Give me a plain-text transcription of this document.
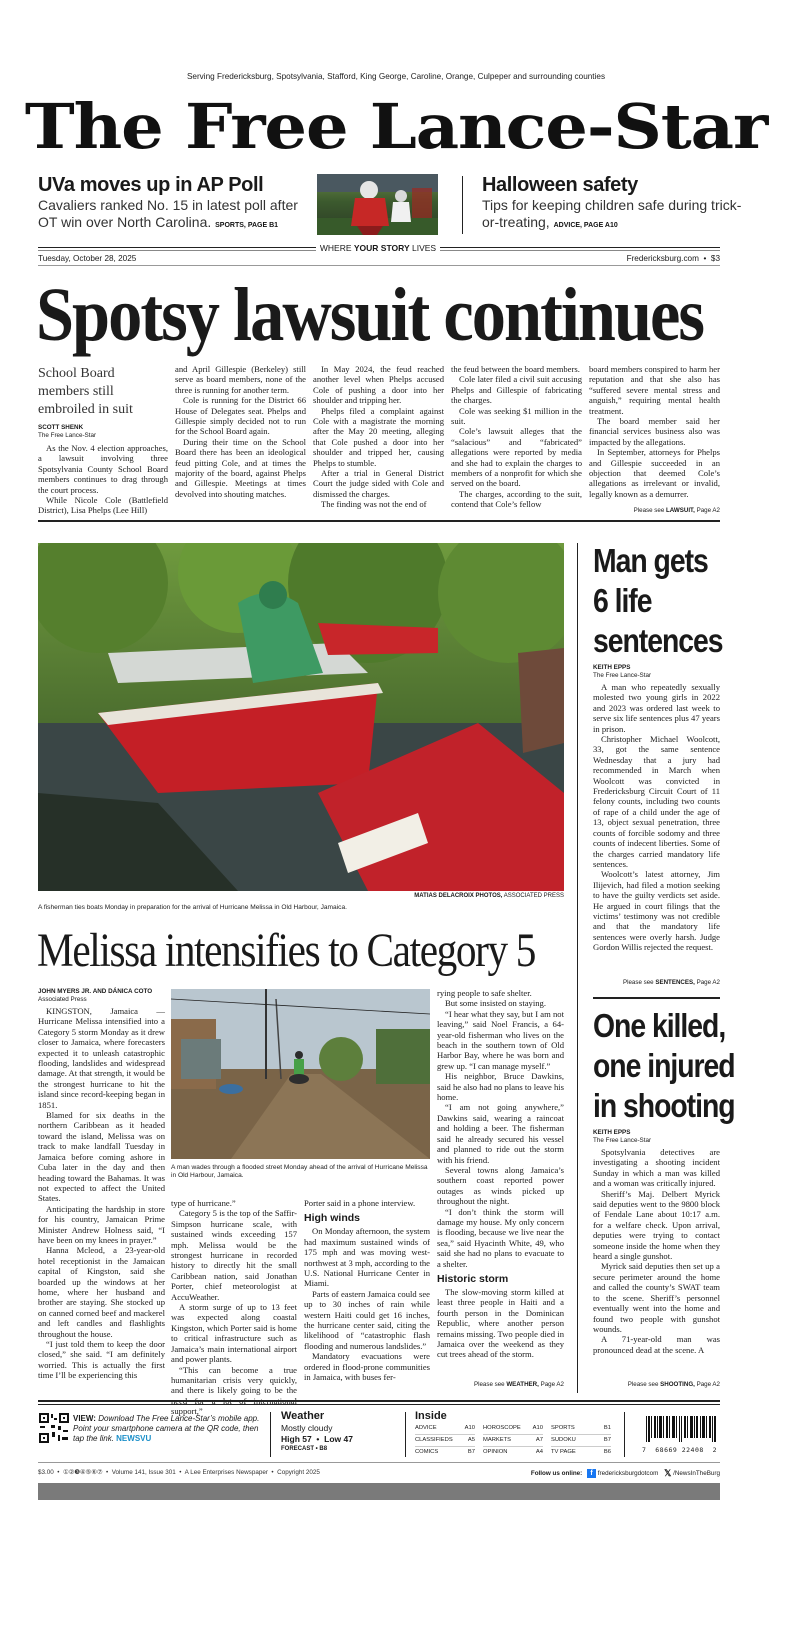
Serving Fredericksburg, Spotsylvania, Stafford, King George, Caroline, Orange, Culpeper and surrounding counties
The Free Lance-Star
UVa moves up in AP Poll
Cavaliers ranked No. 15 in latest poll after OT win over North Carolina. SPORTS, PAGE B1
Halloween safety
Tips for keeping children safe during trick-or-treating, ADVICE, PAGE A10
WHERE YOUR STORY LIVES
Tuesday, October 28, 2025	Fredericksburg.com  •  $3
Spotsy lawsuit continues
School Board members still embroiled in suit
SCOTT SHENK
The Free Lance-Star

As the Nov. 4 election approaches, a lawsuit involving three Spotsylvania County School Board members continues to drag through the court process.

While Nicole Cole (Battlefield District), Lisa Phelps (Lee Hill)

and April Gillespie (Berkeley) still serve as board members, none of the three is running for another term.

Cole is running for the District 66 House of Delegates seat. Phelps and Gillespie simply decided not to run for the School Board again.

During their time on the School Board there has been an ideological feud pitting Cole, and at times the majority of the board, against Phelps and Gillespie. Meetings at times devolved into shouting matches.

In May 2024, the feud reached another level when Phelps accused Cole of pushing a door into her shoulder and tripping her.

Phelps filed a complaint against Cole with a magistrate the morning after the May 20 meeting, alleging that Cole pushed a door into her shoulder and tripped her, causing Phelps to stumble.

After a trial in General District Court the judge sided with Cole and dismissed the charges.

The finding was not the end of

the feud between the board members.

Cole later filed a civil suit accusing Phelps and Gillespie of fabricating the charges.

Cole was seeking $1 million in the suit.

Cole’s lawsuit alleges that the “salacious” and “fabricated” allegations were reported by media and she had to explain the charges to members of a nonprofit for which she served on the board.

The charges, according to the suit, contend that Cole’s fellow

board members conspired to harm her reputation and that she also has “suffered severe mental stress and anguish,” requiring mental health treatment.

The board member said her financial services business also was impacted by the allegations.

In September, attorneys for Phelps and Gillespie succeeded in an objection that deemed Cole’s allegations as irrelevant or invalid, legally known as a demurrer.

Please see LAWSUIT, Page A2
MATIAS DELACROIX PHOTOS, ASSOCIATED PRESS
A fisherman ties boats Monday in preparation for the arrival of Hurricane Melissa in Old Harbour, Jamaica.
Melissa intensifies to Category 5
JOHN MYERS JR. AND DÁNICA COTO
Associated Press

KINGSTON, Jamaica — Hurricane Melissa intensified into a Category 5 storm Monday as it drew closer to Jamaica, where forecasters expected it to unleash catastrophic flooding, landslides and widespread damage. At that strength, it would be the strongest hurricane to hit the island since record-keeping began in 1851.

Blamed for six deaths in the northern Caribbean as it headed toward the island, Melissa was on track to make landfall Tuesday in Jamaica before coming ashore in Cuba later in the day and then heading toward the Bahamas. It was not expected to affect the United States.

Anticipating the hardship in store for his country, Jamaican Prime Minister Andrew Holness said, “I have been on my knees in prayer.”

Hanna Mcleod, a 23-year-old hotel receptionist in the Jamaican capital of Kingston, said she boarded up the windows at her home, where her husband and brother are staying. She stocked up on canned corned beef and mackerel and left candles and flashlights throughout the house.

“I just told them to keep the door closed,” she said. “I am definitely worried. This is actually the first time I’ll be experiencing this

A man wades through a flooded street Monday ahead of the arrival of Hurricane Melissa in Old Harbour, Jamaica.

type of hurricane.”

Category 5 is the top of the Saffir-Simpson hurricane scale, with sustained winds exceeding 157 mph. Melissa would be the strongest hurricane in recorded history to directly hit the small Caribbean nation, said Jonathan Porter, chief meteorologist at AccuWeather.

A storm surge of up to 13 feet was expected along coastal Kingston, which Porter said is home to critical infrastructure such as Jamaica’s main international airport and power plants.

“This can become a true humanitarian crisis very quickly, and there is likely going to be the support,”

Porter said in a phone interview.

High winds

On Monday afternoon, the system had maximum sustained winds of 175 mph and was moving west-northwest at 3 mph, according to the U.S. National Hurricane Center in Miami.

Parts of eastern Jamaica could see up to 30 inches of rain while western Haiti could get 16 inches, the hurricane center said, citing the likelihood of “catastrophic flash flooding and numerous landslides.”

Mandatory evacuations were ordered in flood-prone communities in Jamaica, with buses fer-

rying people to safe shelter.

But some insisted on staying.

“I hear what they say, but I am not leaving,” said Noel Francis, a 64-year-old fisherman who lives on the beach in the southern town of Old Harbor Bay, where he was born and grew up. “I can manage myself.”

His neighbor, Bruce Dawkins, said he also had no plans to leave his home.

“I am not going anywhere,” Dawkins said, wearing a raincoat and holding a beer. The fisherman said he already secured his vessel and planned to ride out the storm with his friend.

Several towns along Jamaica’s southern coast reported power outages as winds picked up throughout the night.

“I don’t think the storm will damage my house. My only concern is flooding, because we live near the sea,” said Hyacinth White, 49, who said she had no plans to evacuate to a shelter.

Historic storm

The slow-moving storm killed at least three people in Haiti and a fourth person in the Dominican Republic, where another person remains missing. Two people died in Jamaica over the weekend as they cut trees ahead of the storm.

Please see WEATHER, Page A2
Man gets
6 life
sentences
KEITH EPPS
The Free Lance-Star

A man who repeatedly sexually molested two young girls in 2022 and 2023 was ordered last week to serve six life sentences plus 47 years in prison.

Christopher Michael Woolcott, 33, got the same sentence Wednesday that a jury had recommended in March when Woolcott was convicted in Fredericksburg Circuit Court of 11 felony counts, including two counts of rape of a child under the age of 13, object sexual penetration, three counts of forcible sodomy and three counts of indecent liberties. Some of the charges carried mandatory life sentences.

Woolcott’s latest attorney, Jim Ilijevich, had filed a motion seeking to have the guilty verdicts set aside. He argued in court filings that the victims’ testimony was not credible and that the mandatory life sentences were overly harsh. Judge Gordon Willis rejected the request.

Please see SENTENCES, Page A2
One killed,
one injured
in shooting
KEITH EPPS
The Free Lance-Star

Spotsylvania detectives are investigating a shooting incident Sunday in which a man was killed and a woman was critically injured.

Sheriff’s Maj. Delbert Myrick said deputies went to the 9800 block of Fendale Lane about 10:17 a.m. for a welfare check. Upon arrival, deputies were trying to contact someone inside the home when they heard a single gunshot.

Myrick said deputies then set up a secure perimeter around the home and called the county’s SWAT team to the scene. Sheriff’s personnel eventually went into the home and found two people with gunshot wounds.

A 71-year-old man was pronounced dead at the scene. A

Please see SHOOTING, Page A2
VIEW: Download The Free Lance-Star’s mobile app. Point your smartphone camera at the QR code, then tap the link. NEWSVU
Weather
Mostly cloudy
High 57  •  Low 47
FORECAST • B8
Inside
ADVICE	A10 HOROSCOPE A10 SPORTS	B1
CLASSIFIEDS	A5 MARKETS	A7 SUDOKU	B7
COMICS	B7 OPINION	A4 TV PAGE	B6	7  68669 22408  2
$3.00  •  ①②❸④⑤⑥⑦  •  Volume 141, Issue 301  •  A Lee Enterprises Newspaper  •  Copyright 2025	Follow us online: f fredericksburgdotcom 𝕏 /NewsInTheBurg
